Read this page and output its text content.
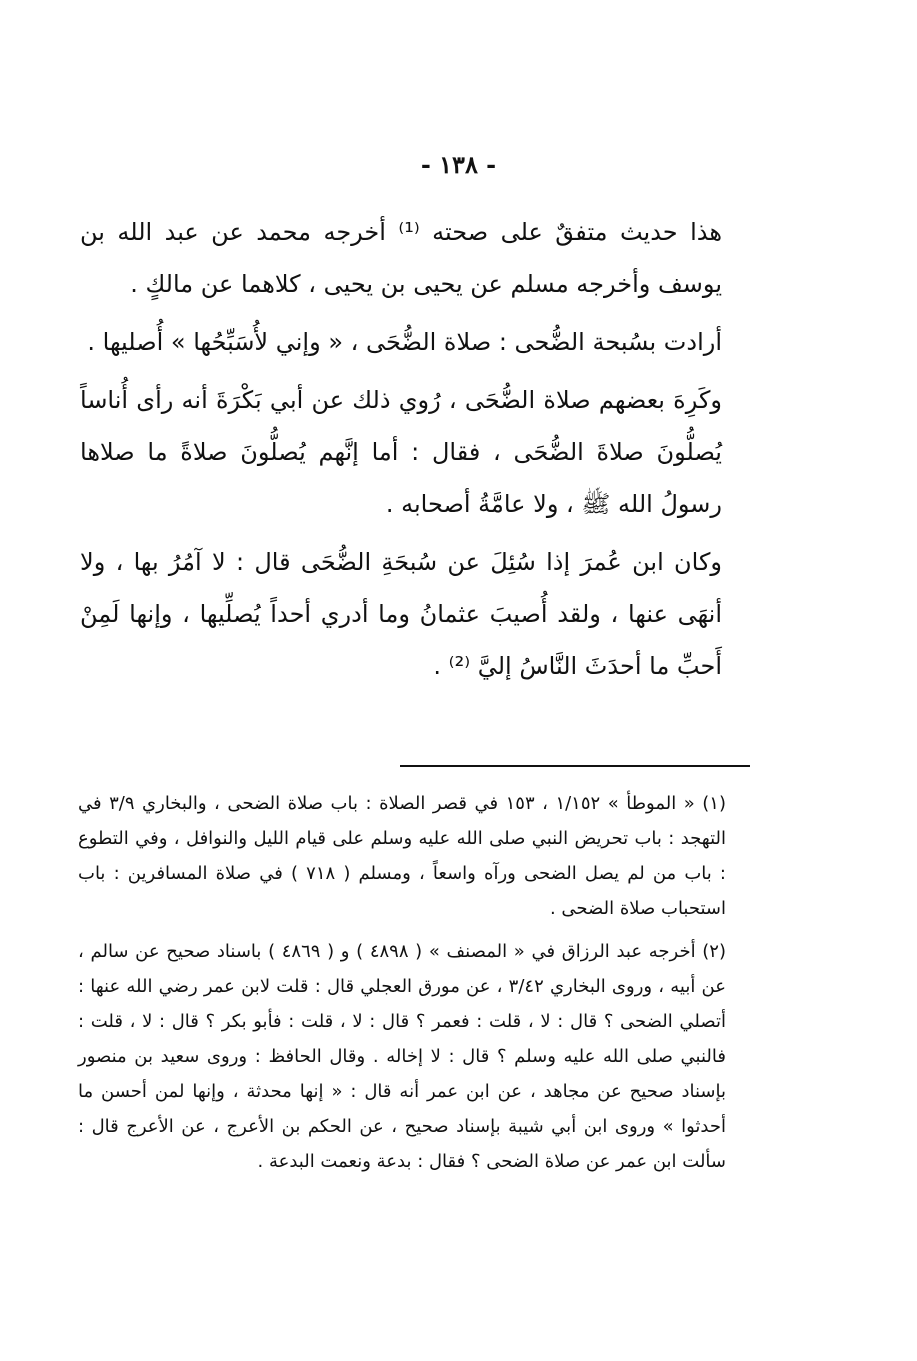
- ١٣٨ -

هذا حديث متفقٌ على صحته ⁽¹⁾ أخرجه محمد عن عبد الله بن يوسف وأخرجه مسلم عن يحيى بن يحيى ، كلاهما عن مالكٍ .

أرادت بسُبحة الضُّحى : صلاة الضُّحَى ، « وإني لأُسَبِّحُها » أُصليها .

وكَرِهَ بعضهم صلاة الضُّحَى ، رُوي ذلك عن أبي بَكْرَةَ أنه رأى أُناساً يُصلُّونَ صلاةَ الضُّحَى ، فقال : أما إنَّهم يُصلُّونَ صلاةً ما صلاها رسولُ الله ﷺ ، ولا عامَّةُ أصحابه .

وكان ابن عُمرَ إذا سُئِلَ عن سُبحَةِ الضُّحَى قال : لا آمُرُ بها ، ولا أنهَى عنها ، ولقد أُصيبَ عثمانُ وما أدري أحداً يُصلِّيها ، وإنها لَمِنْ أَحبِّ ما أحدَثَ النَّاسُ إليَّ ⁽²⁾ .

(١) « الموطأ » ١/١٥٢ ، ١٥٣ في قصر الصلاة : باب صلاة الضحى ، والبخاري ٣/٩ في التهجد : باب تحريض النبي صلى الله عليه وسلم على قيام الليل والنوافل ، وفي التطوع : باب من لم يصل الضحى ورآه واسعاً ، ومسلم ( ٧١٨ ) في صلاة المسافرين : باب استحباب صلاة الضحى .

(٢) أخرجه عبد الرزاق في « المصنف » ( ٤٨٩٨ ) و ( ٤٨٦٩ ) باسناد صحيح عن سالم ، عن أبيه ، وروى البخاري ٣/٤٢ ، عن مورق العجلي قال : قلت لابن عمر رضي الله عنها : أتصلي الضحى ؟ قال : لا ، قلت : فعمر ؟ قال : لا ، قلت : فأبو بكر ؟ قال : لا ، قلت : فالنبي صلى الله عليه وسلم ؟ قال : لا إخاله . وقال الحافظ : وروى سعيد بن منصور بإسناد صحيح عن مجاهد ، عن ابن عمر أنه قال : « إنها محدثة ، وإنها لمن أحسن ما أحدثوا » وروى ابن أبي شيبة بإسناد صحيح ، عن الحكم بن الأعرج ، عن الأعرج قال : سألت ابن عمر عن صلاة الضحى ؟ فقال : بدعة ونعمت البدعة .
